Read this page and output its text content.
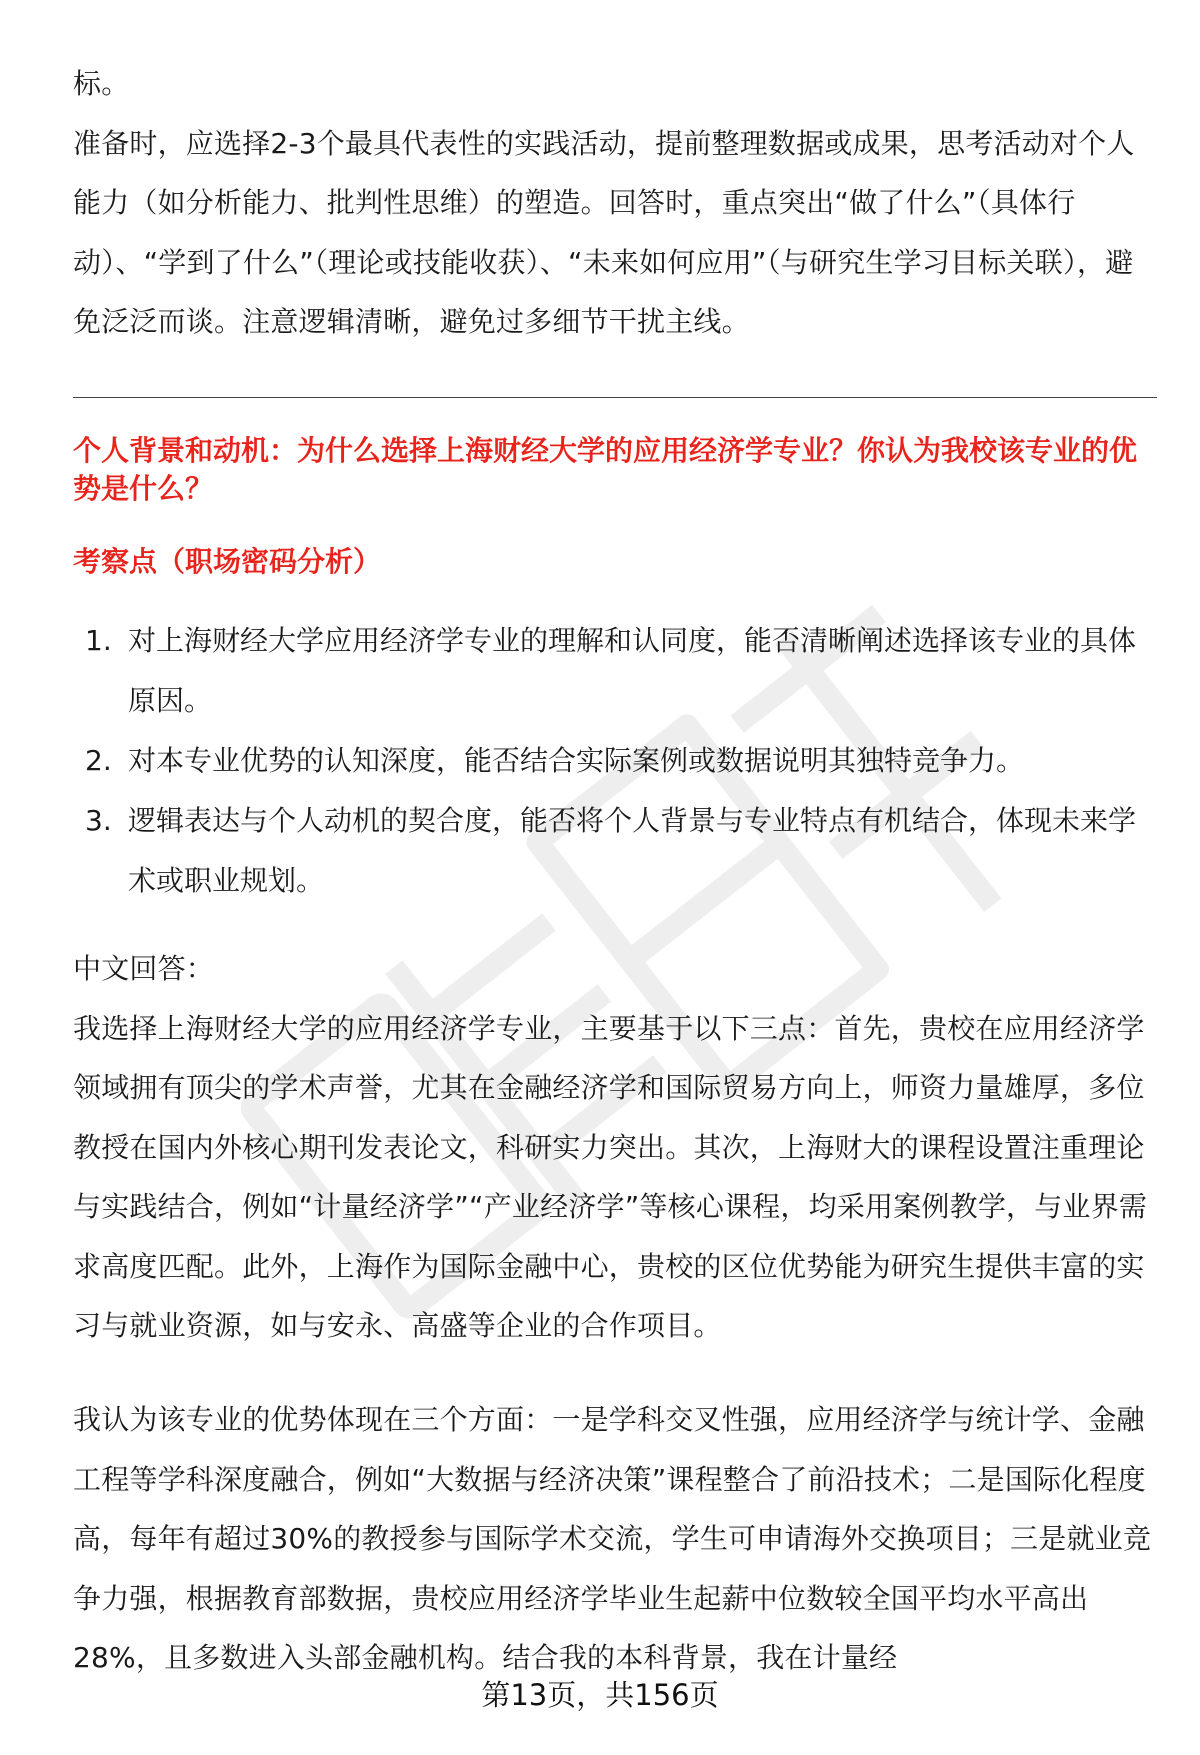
标。

准备时，应选择2-3个最具代表性的实践活动，提前整理数据或成果，思考活动对个人能力（如分析能力、批判性思维）的塑造。回答时，重点突出“做了什么”（具体行动）、“学到了什么”（理论或技能收获）、“未来如何应用”（与研究生学习目标关联），避免泛泛而谈。注意逻辑清晰，避免过多细节干扰主线。

个人背景和动机：为什么选择上海财经大学的应用经济学专业？你认为我校该专业的优势是什么？

考察点（职场密码分析）

1. 对上海财经大学应用经济学专业的理解和认同度，能否清晰阐述选择该专业的具体原因。
2. 对本专业优势的认知深度，能否结合实际案例或数据说明其独特竞争力。
3. 逻辑表达与个人动机的契合度，能否将个人背景与专业特点有机结合，体现未来学术或职业规划。

中文回答：

我选择上海财经大学的应用经济学专业，主要基于以下三点：首先，贵校在应用经济学领域拥有顶尖的学术声誉，尤其在金融经济学和国际贸易方向上，师资力量雄厚，多位教授在国内外核心期刊发表论文，科研实力突出。其次，上海财大的课程设置注重理论与实践结合，例如“计量经济学”“产业经济学”等核心课程，均采用案例教学，与业界需求高度匹配。此外，上海作为国际金融中心，贵校的区位优势能为研究生提供丰富的实习与就业资源，如与安永、高盛等企业的合作项目。

我认为该专业的优势体现在三个方面：一是学科交叉性强，应用经济学与统计学、金融工程等学科深度融合，例如“大数据与经济决策”课程整合了前沿技术；二是国际化程度高，每年有超过30%的教授参与国际学术交流，学生可申请海外交换项目；三是就业竞争力强，根据教育部数据，贵校应用经济学毕业生起薪中位数较全国平均水平高出28%，且多数进入头部金融机构。结合我的本科背景，我在计量经

第13页，共156页
